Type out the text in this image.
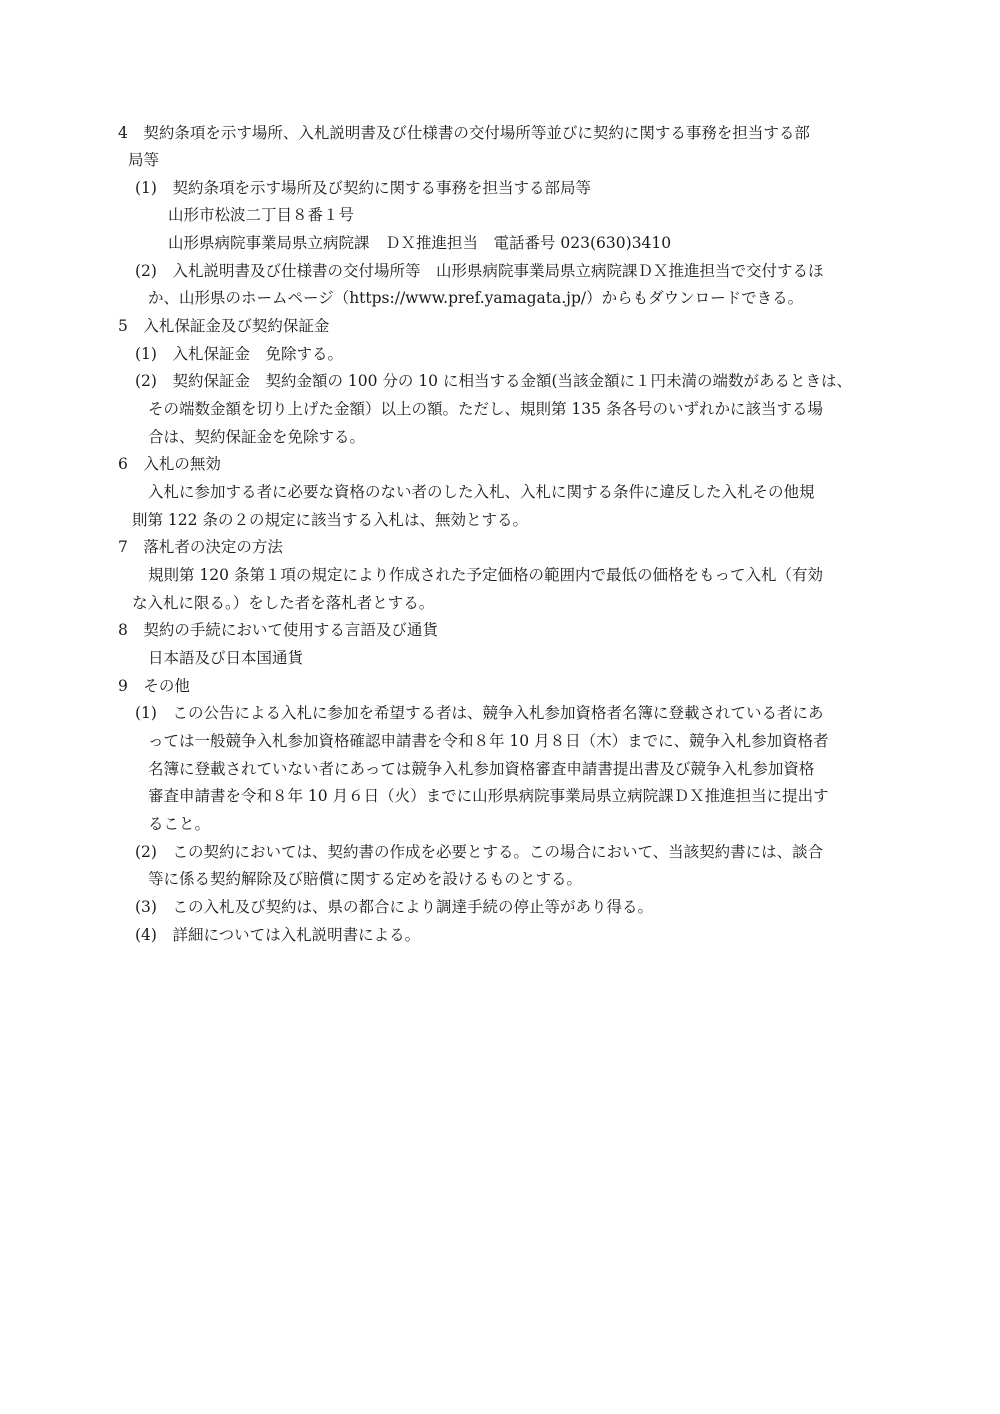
4　契約条項を示す場所、入札説明書及び仕様書の交付場所等並びに契約に関する事務を担当する部
局等
(1)　契約条項を示す場所及び契約に関する事務を担当する部局等
山形市松波二丁目８番１号
山形県病院事業局県立病院課　ＤＸ推進担当　電話番号 023(630)3410
(2)　入札説明書及び仕様書の交付場所等　山形県病院事業局県立病院課ＤＸ推進担当で交付するほ
か、山形県のホームページ（https://www.pref.yamagata.jp/）からもダウンロードできる。
5　入札保証金及び契約保証金
(1)　入札保証金　免除する。
(2)　契約保証金　契約金額の 100 分の 10 に相当する金額(当該金額に１円未満の端数があるときは、
その端数金額を切り上げた金額）以上の額。ただし、規則第 135 条各号のいずれかに該当する場
合は、契約保証金を免除する。
6　入札の無効
入札に参加する者に必要な資格のない者のした入札、入札に関する条件に違反した入札その他規
則第 122 条の２の規定に該当する入札は、無効とする。
7　落札者の決定の方法
規則第 120 条第１項の規定により作成された予定価格の範囲内で最低の価格をもって入札（有効
な入札に限る。）をした者を落札者とする。
8　契約の手続において使用する言語及び通貨
日本語及び日本国通貨
9　その他
(1)　この公告による入札に参加を希望する者は、競争入札参加資格者名簿に登載されている者にあ
っては一般競争入札参加資格確認申請書を令和８年 10 月８日（木）までに、競争入札参加資格者
名簿に登載されていない者にあっては競争入札参加資格審査申請書提出書及び競争入札参加資格
審査申請書を令和８年 10 月６日（火）までに山形県病院事業局県立病院課ＤＸ推進担当に提出す
ること。
(2)　この契約においては、契約書の作成を必要とする。この場合において、当該契約書には、談合
等に係る契約解除及び賠償に関する定めを設けるものとする。
(3)　この入札及び契約は、県の都合により調達手続の停止等があり得る。
(4)　詳細については入札説明書による。
